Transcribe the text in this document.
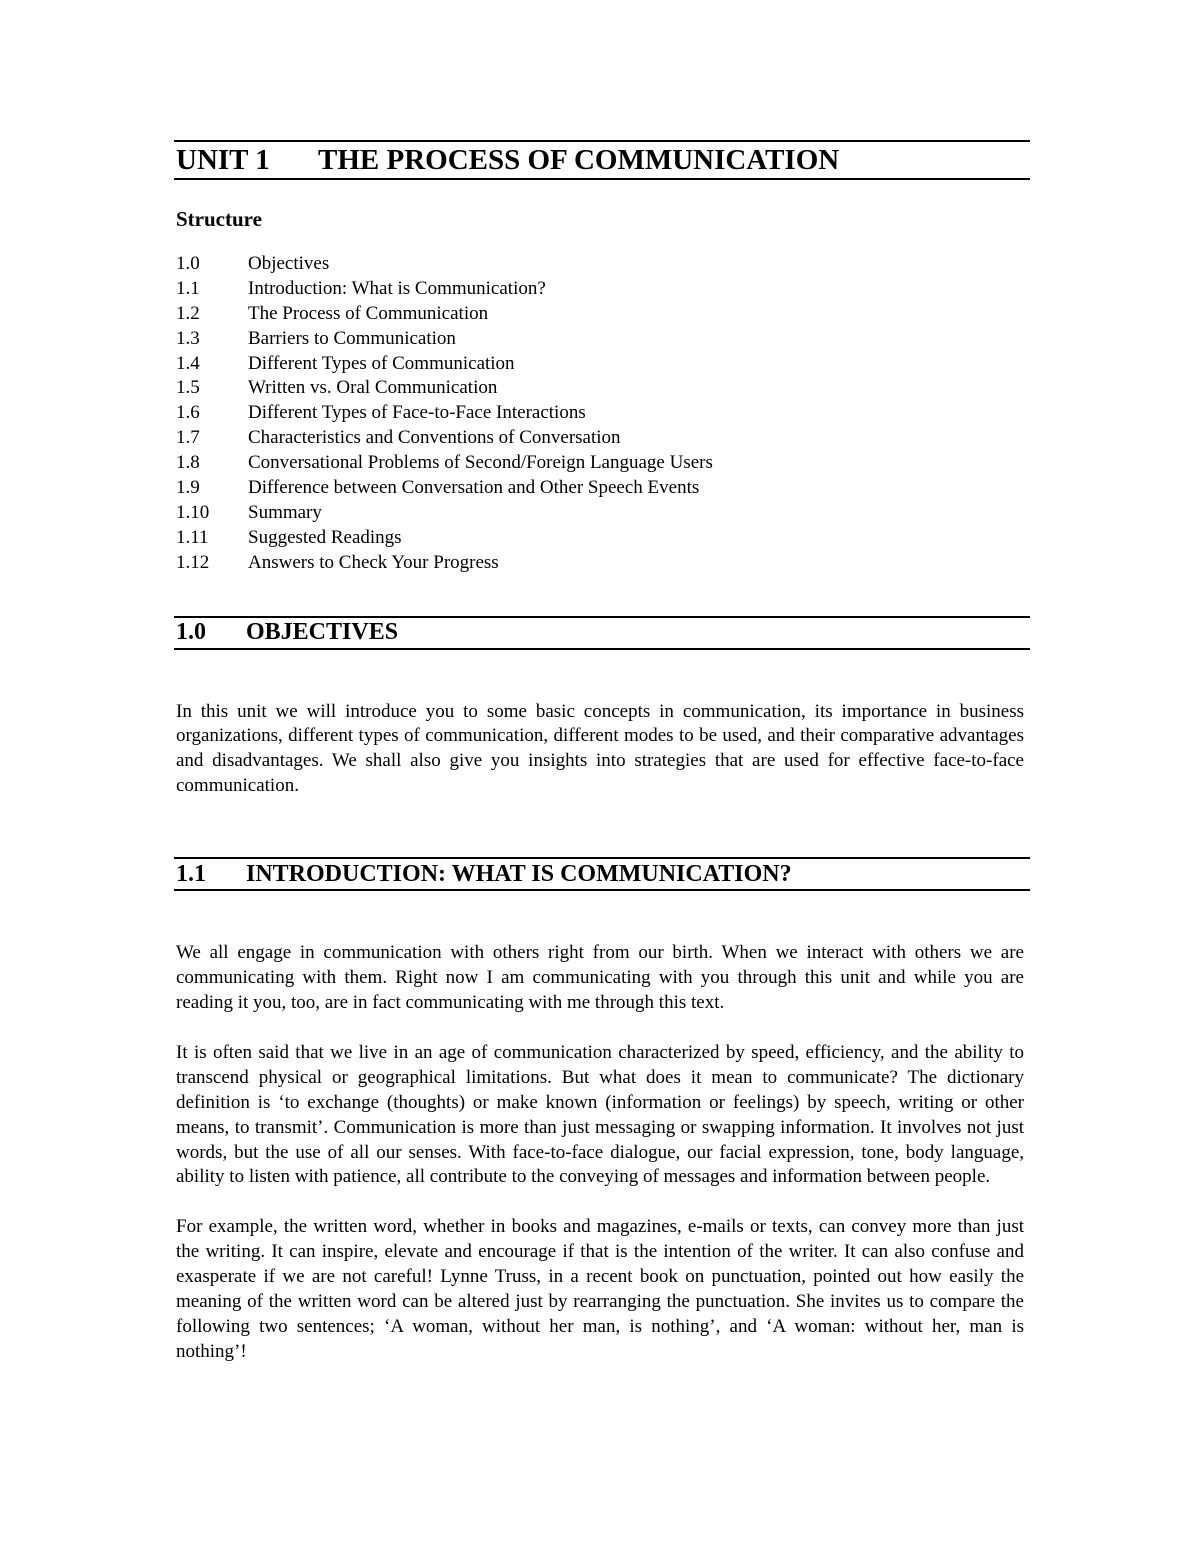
UNIT 1	THE PROCESS OF COMMUNICATION
Structure
1.0	Objectives
1.1	Introduction: What is Communication?
1.2	The Process of Communication
1.3	Barriers to Communication
1.4	Different Types of Communication
1.5	Written vs. Oral Communication
1.6	Different Types of Face-to-Face Interactions
1.7	Characteristics and Conventions of Conversation
1.8	Conversational Problems of Second/Foreign Language Users
1.9	Difference between Conversation and Other Speech Events
1.10 Summary
1.11 Suggested Readings
1.12 Answers to Check Your Progress
1.0	OBJECTIVES

In this unit we will introduce you to some basic concepts in communication, its importance in business organizations, different types of communication, different modes to be used, and their comparative advantages and disadvantages. We shall also give you insights into strategies that are used for effective face-to-face communication.

1.1	INTRODUCTION: WHAT IS COMMUNICATION?

We all engage in communication with others right from our birth. When we interact with others we are communicating with them. Right now I am communicating with you through this unit and while you are reading it you, too, are in fact communicating with me through this text.

It is often said that we live in an age of communication characterized by speed, efficiency, and the ability to transcend physical or geographical limitations. But what does it mean to communicate? The dictionary definition is ‘to exchange (thoughts) or make known (information or feelings) by speech, writing or other means, to transmit’. Communication is more than just messaging or swapping information. It involves not just words, but the use of all our senses. With face-to-face dialogue, our facial expression, tone, body language, ability to listen with patience, all contribute to the conveying of messages and information between people.

For example, the written word, whether in books and magazines, e-mails or texts, can convey more than just the writing. It can inspire, elevate and encourage if that is the intention of the writer. It can also confuse and exasperate if we are not careful! Lynne Truss, in a recent book on punctuation, pointed out how easily the meaning of the written word can be altered just by rearranging the punctuation. She invites us to compare the following two sentences; ‘A woman, without her man, is nothing’, and ‘A woman: without her, man is nothing’!
